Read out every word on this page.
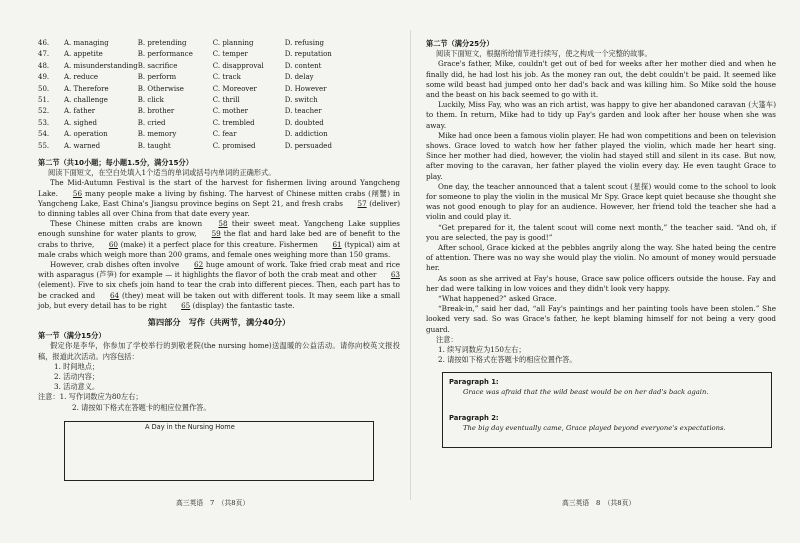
46.	A. managing	B. pretending	C. planning	D. refusing
47.	A. appetite	B. performance	C. temper	D. reputation
48.	A. misunderstanding	B. sacrifice	C. disapproval	D. content
49.	A. reduce	B. perform	C. track	D. delay
50.	A. Therefore	B. Otherwise	C. Moreover	D. However
51.	A. challenge	B. click	C. thrill	D. switch
52.	A. father	B. brother	C. mother	D. teacher
53.	A. sighed	B. cried	C. trembled	D. doubted
54.	A. operation	B. memory	C. fear	D. addiction
55.	A. warned	B. taught	C. promised	D. persuaded
第二节（共10小题；每小题1.5分，满分15分）
阅读下面短文，在空白处填入1个适当的单词或括号内单词的正确形式。

The Mid-Autumn Festival is the start of the harvest for fishermen living around Yangcheng Lake. 56 many people make a living by fishing. The harvest of Chinese mitten crabs (闸蟹) in Yangcheng Lake, East China's Jiangsu province begins on Sept 21, and fresh crabs 57 (deliver) to dinning tables all over China from that date every year.

These Chinese mitten crabs are known 58 their sweet meat. Yangcheng Lake supplies enough sunshine for water plants to grow, 59 the flat and hard lake bed are of benefit to the crabs to thrive, 60 (make) it a perfect place for this creature. Fishermen 61 (typical) aim at male crabs which weigh more than 200 grams, and female ones weighing more than 150 grams.

However, crab dishes often involve 62 huge amount of work. Take fried crab meat and rice with asparagus (芦笋) for example — it highlights the flavor of both the crab meat and other 63 (element). Five to six chefs join hand to tear the crab into different pieces. Then, each part has to be cracked and 64 (they) meat will be taken out with different tools. It may seem like a small job, but every detail has to be right 65 (display) the fantastic taste.

第四部分　写作（共两节，满分40分）
第一节（满分15分）

假定你是李华，你参加了学校举行的到敬老院(the nursing home)送温暖的公益活动。请你向校英文报投稿，报道此次活动。内容包括：

1. 时间地点；
2. 活动内容；
3. 活动意义。
注意：1. 写作词数应为80左右；
2. 请按如下格式在答题卡的相应位置作答。
A Day in the Nursing Home
第二节（满分25分）
阅读下面短文，根据所给情节进行续写，使之构成一个完整的故事。

Grace's father, Mike, couldn't get out of bed for weeks after her mother died and when he finally did, he had lost his job. As the money ran out, the debt couldn't be paid. It seemed like some wild beast had jumped onto her dad's back and was killing him. So Mike sold the house and the beast on his back seemed to go with it.

Luckily, Miss Fay, who was an rich artist, was happy to give her abandoned caravan (大篷车) to them. In return, Mike had to tidy up Fay's garden and look after her house when she was away.

Mike had once been a famous violin player. He had won competitions and been on television shows. Grace loved to watch how her father played the violin, which made her heart sing. Since her mother had died, however, the violin had stayed still and silent in its case. But now, after moving to the caravan, her father played the violin every day. He even taught Grace to play.

One day, the teacher announced that a talent scout (星探) would come to the school to look for someone to play the violin in the musical Mr Spy. Grace kept quiet because she thought she was not good enough to play for an audience. However, her friend told the teacher she had a violin and could play it.

“Get prepared for it, the talent scout will come next month,” the teacher said. “And oh, if you are selected, the pay is good!”

After school, Grace kicked at the pebbles angrily along the way. She hated being the centre of attention. There was no way she would play the violin. No amount of money would persuade her.

As soon as she arrived at Fay's house, Grace saw police officers outside the house. Fay and her dad were talking in low voices and they didn't look very happy.

“What happened?” asked Grace.

“Break-in,” said her dad, “all Fay's paintings and her painting tools have been stolen.” She looked very sad. So was Grace's father, he kept blaming himself for not being a very good guard.

注意：
1. 续写词数应为150左右；
2. 请按如下格式在答题卡的相应位置作答。
Paragraph 1:
Grace was afraid that the wild beast would be on her dad's back again.
Paragraph 2:
The big day eventually came, Grace played beyond everyone's expectations.
高三英语　7　（共8页）	高三英语　8　（共8页）
